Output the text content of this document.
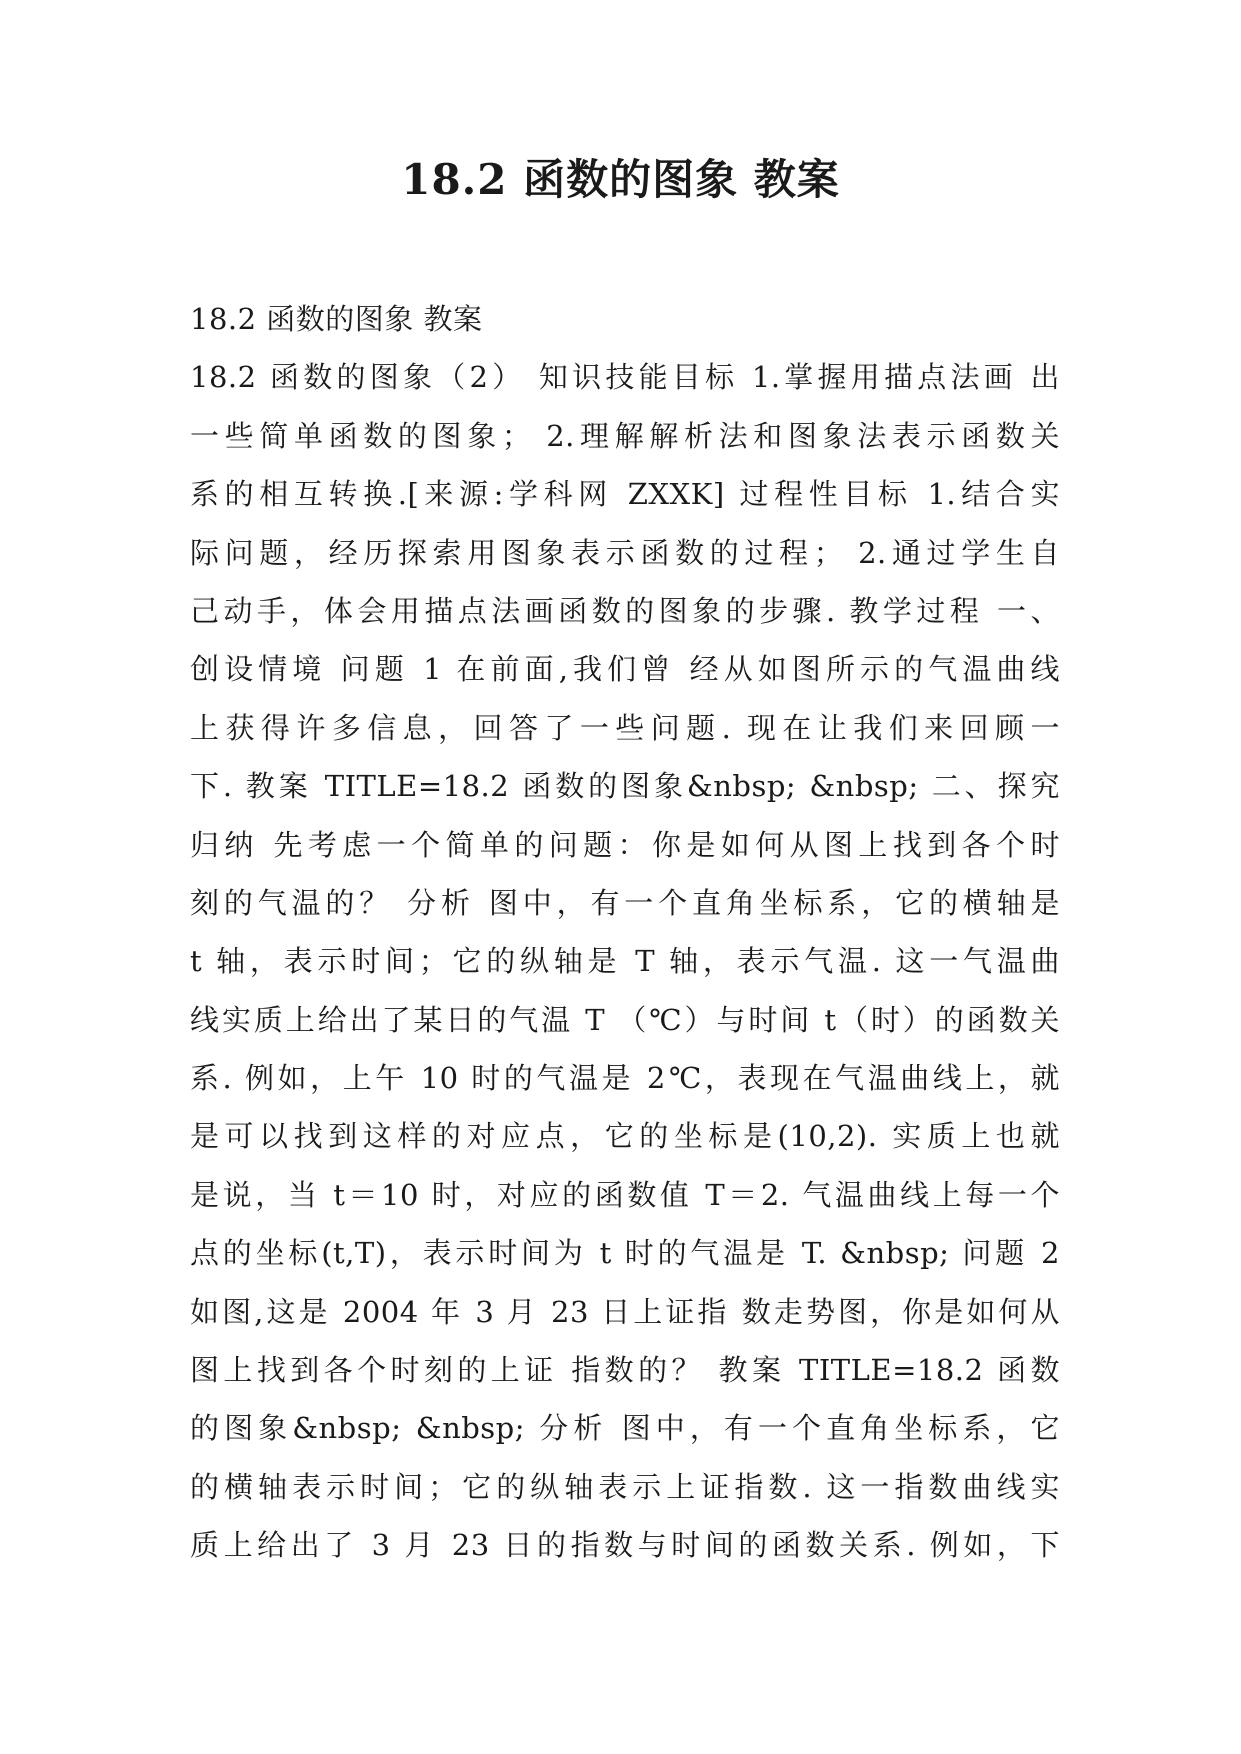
18.2 函数的图象 教案
18.2 函数的图象 教案
18.2 函数的图象（2） 知识技能目标 1.掌握用描点法画 出
一些简单函数的图象； 2.理解解析法和图象法表示函数关
系的相互转换.[来源:学科网 ZXXK] 过程性目标 1.结合实
际问题，经历探索用图象表示函数的过程； 2.通过学生自
己动手，体会用描点法画函数的图象的步骤. 教学过程 一、
创设情境 问题 1 在前面,我们曾 经从如图所示的气温曲线
上获得许多信息，回答了一些问题. 现在让我们来回顾一
下. 教案 TITLE=18.2 函数的图象&nbsp; &nbsp; 二、探究
归纳 先考虑一个简单的问题：你是如何从图上找到各个时
刻的气温的？ 分析 图中，有一个直角坐标系，它的横轴是
t 轴，表示时间；它的纵轴是 T 轴，表示气温. 这一气温曲
线实质上给出了某日的气温 T （℃）与时间 t（时）的函数关
系. 例如，上午 10 时的气温是 2℃，表现在气温曲线上，就
是可以找到这样的对应点，它的坐标是(10,2). 实质上也就
是说，当 t＝10 时，对应的函数值 T＝2. 气温曲线上每一个
点的坐标(t,T)，表示时间为 t 时的气温是 T. &nbsp; 问题 2
如图,这是 2004 年 3 月 23 日上证指 数走势图，你是如何从
图上找到各个时刻的上证 指数的？ 教案 TITLE=18.2 函数
的图象&nbsp; &nbsp; 分析 图中，有一个直角坐标系，它
的横轴表示时间；它的纵轴表示上证指数. 这一指数曲线实
质上给出了 3 月 23 日的指数与时间的函数关系. 例如，下
